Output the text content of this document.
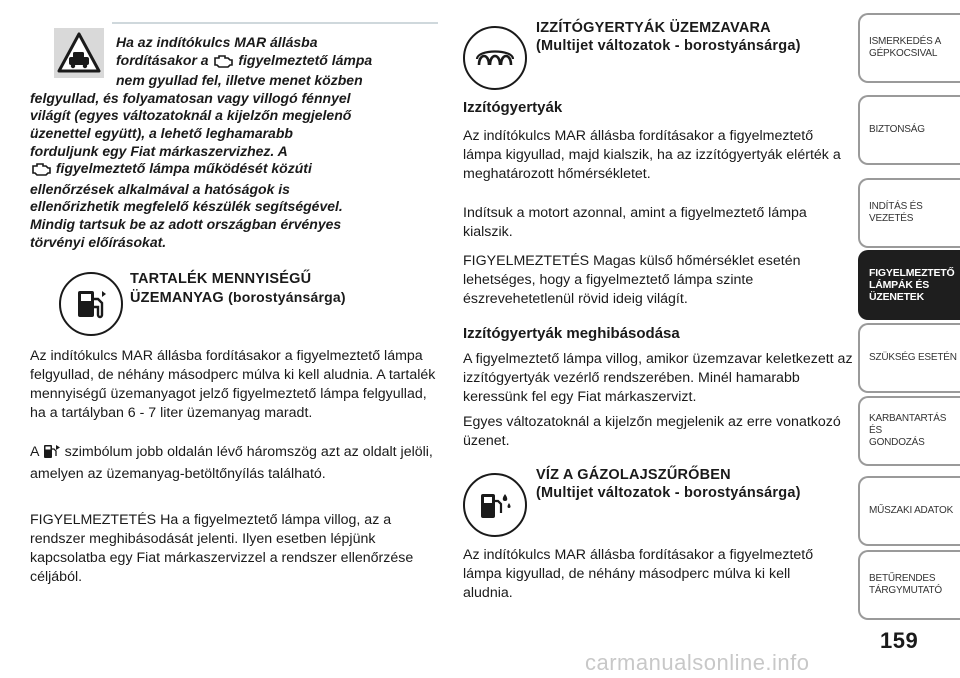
Ha az indítókulcs MAR állásba

fordításakor a figyelmeztető lámpa

nem gyullad fel, illetve menet közben

felgyullad, és folyamatosan vagy villogó fénnyel

világít (egyes változatoknál a kijelzőn megjelenő

üzenettel együtt), a lehető leghamarabb

forduljunk egy Fiat márkaszervizhez. A

figyelmeztető lámpa működését közúti

ellenőrzések alkalmával a hatóságok is

ellenőrizhetik megfelelő készülék segítségével.

Mindig tartsuk be az adott országban érvényes

törvényi előírásokat.

TARTALÉK MENNYISÉGŰ
ÜZEMANYAG (borostyánsárga)

Az indítókulcs MAR állásba fordításakor a figyelmeztető lámpa felgyullad, de néhány másodperc múlva ki kell aludnia. A tartalék mennyiségű üzemanyagot jelző figyelmeztető lámpa felgyullad, ha a tartályban 6 - 7 liter üzemanyag maradt.

A szimbólum jobb oldalán lévő háromszög azt az oldalt jelöli, amelyen az üzemanyag-betöltőnyílás található.

FIGYELMEZTETÉS Ha a figyelmeztető lámpa villog, az a rendszer meghibásodását jelenti. Ilyen esetben lépjünk kapcsolatba egy Fiat márkaszervizzel a rendszer ellenőrzése céljából.

IZZÍTÓGYERTYÁK ÜZEMZAVARA
(Multijet változatok - borostyánsárga)
Izzítógyertyák

Az indítókulcs MAR állásba fordításakor a figyelmeztető lámpa kigyullad, majd kialszik, ha az izzítógyertyák elérték a meghatározott hőmérsékletet.

Indítsuk a motort azonnal, amint a figyelmeztető lámpa kialszik.

FIGYELMEZTETÉS Magas külső hőmérséklet esetén lehetséges, hogy a figyelmeztető lámpa szinte észrevehetetlenül rövid ideig világít.

Izzítógyertyák meghibásodása

A figyelmeztető lámpa villog, amikor üzemzavar keletkezett az izzítógyertyák vezérlő rendszerében. Minél hamarabb keressünk fel egy Fiat márkaszervizt.

Egyes változatoknál a kijelzőn megjelenik az erre vonatkozó üzenet.

VÍZ A GÁZOLAJSZŰRŐBEN
(Multijet változatok - borostyánsárga)

Az indítókulcs MAR állásba fordításakor a figyelmeztető lámpa kigyullad, de néhány másodperc múlva ki kell aludnia.

ISMERKEDÉS A
GÉPKOCSIVAL
BIZTONSÁG
INDÍTÁS ÉS VEZETÉS
FIGYELMEZTETŐ
LÁMPÁK ÉS
ÜZENETEK
SZÜKSÉG ESETÉN
KARBANTARTÁS ÉS
GONDOZÁS
MŰSZAKI ADATOK
BETŰRENDES
TÁRGYMUTATÓ
159
carmanualsonline.info
